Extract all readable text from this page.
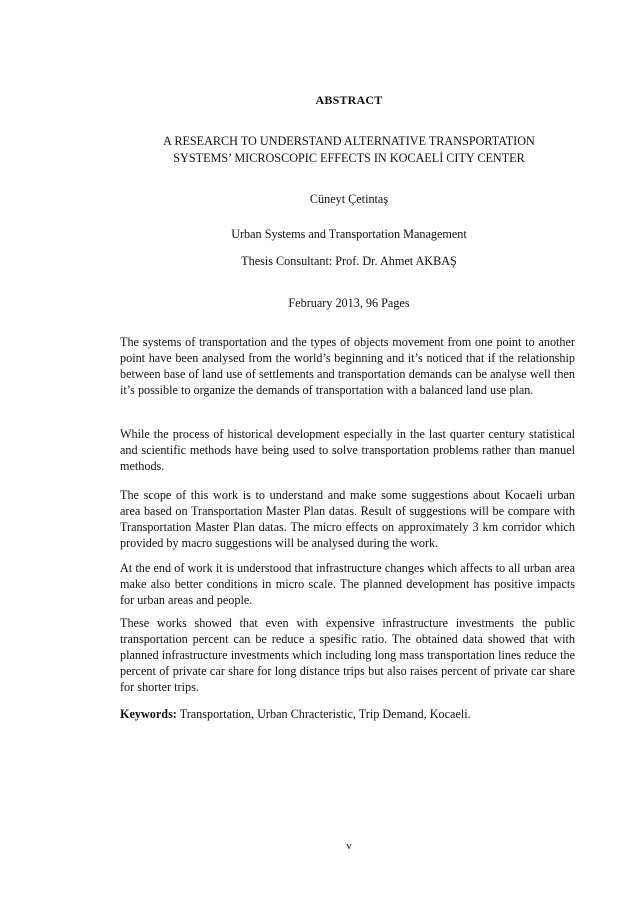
ABSTRACT
A RESEARCH TO UNDERSTAND ALTERNATIVE TRANSPORTATION
SYSTEMS’ MICROSCOPIC EFFECTS IN KOCAELİ CITY CENTER
Cüneyt Çetintaş
Urban Systems and Transportation Management
Thesis Consultant: Prof. Dr. Ahmet AKBAŞ
February 2013, 96 Pages
The systems of transportation and the types of objects movement from one point to another point have been analysed from the world’s beginning and it’s noticed that if the relationship between base of land use of settlements and transportation demands can be analyse well then it’s possible to organize the demands of transportation with a balanced land use plan.
While the process of historical development especially in the last quarter century statistical and scientific methods have being used to solve transportation problems rather than manuel methods.
The scope of this work is to understand and make some suggestions about Kocaeli urban area based on Transportation Master Plan datas. Result of suggestions will be compare with Transportation Master Plan datas. The micro effects on approximately 3 km corridor which provided by macro suggestions will be analysed during the work.
At the end of work it is understood that infrastructure changes which affects to all urban area make also better conditions in micro scale. The planned development has positive impacts for urban areas and people.
These works showed that even with expensive infrastructure investments the public transportation percent can be reduce a spesific ratio. The obtained data showed that with planned infrastructure investments which including long mass transportation lines reduce the percent of private car share for long distance trips but also raises percent of private car share for shorter trips.
Keywords: Transportation, Urban Chracteristic, Trip Demand, Kocaeli.
v
